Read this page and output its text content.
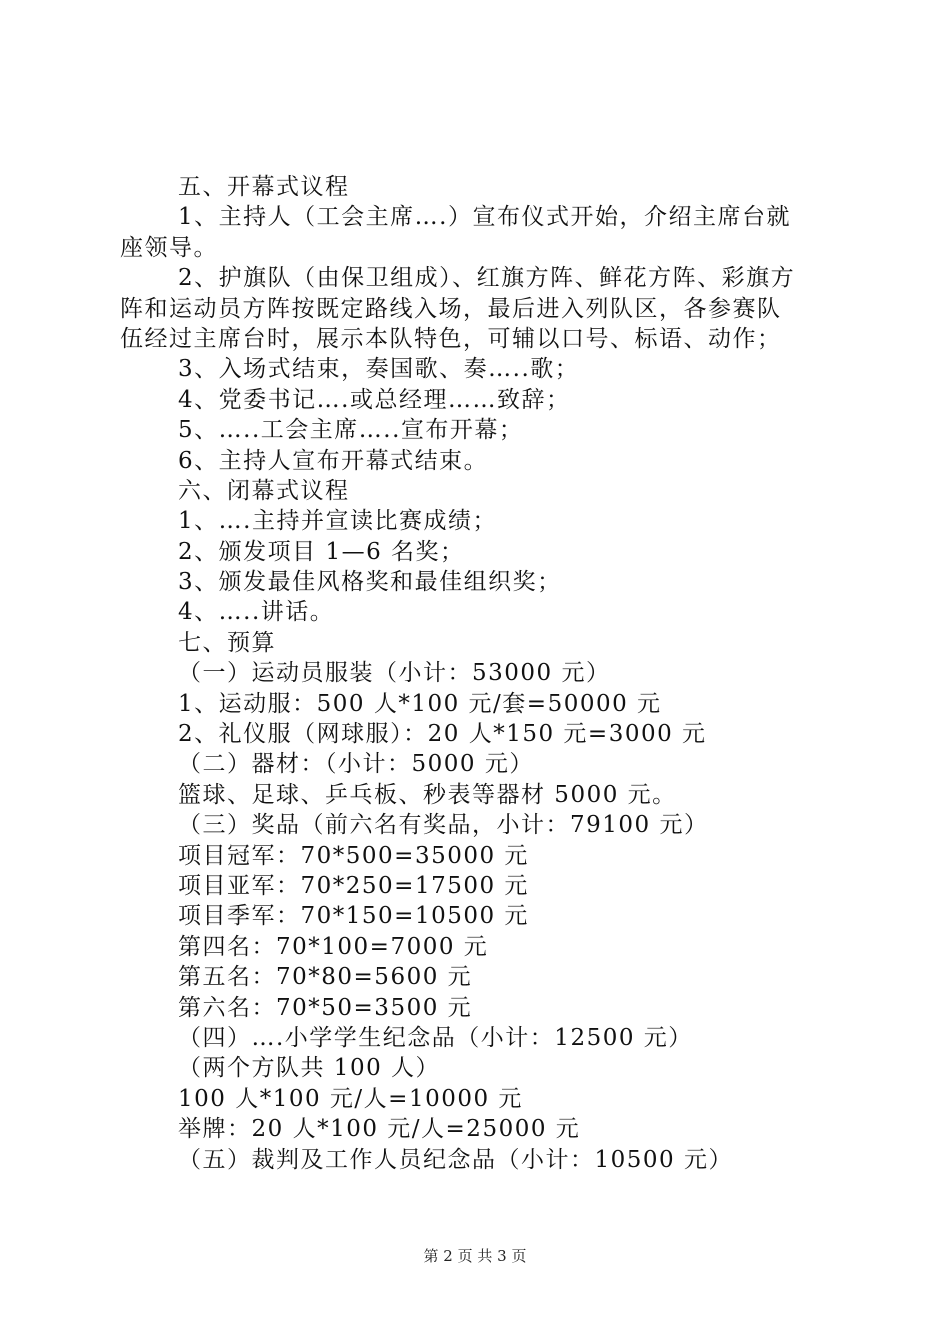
五、开幕式议程
1、主持人（工会主席….）宣布仪式开始，介绍主席台就
座领导。
2、护旗队（由保卫组成）、红旗方阵、鲜花方阵、彩旗方
阵和运动员方阵按既定路线入场，最后进入列队区，各参赛队
伍经过主席台时，展示本队特色，可辅以口号、标语、动作；
3、入场式结束，奏国歌、奏…..歌；
4、党委书记….或总经理……致辞；
5、…..工会主席…..宣布开幕；
6、主持人宣布开幕式结束。
六、闭幕式议程
1、….主持并宣读比赛成绩；
2、颁发项目 1—6 名奖；
3、颁发最佳风格奖和最佳组织奖；
4、…..讲话。
七、预算
（一）运动员服装（小计：53000 元）
1、运动服：500 人*100 元/套=50000 元
2、礼仪服（网球服）：20 人*150 元=3000 元
（二）器材：（小计：5000 元）
篮球、足球、乒乓板、秒表等器材 5000 元。
（三）奖品（前六名有奖品，小计：79100 元）
项目冠军：70*500=35000 元
项目亚军：70*250=17500 元
项目季军：70*150=10500 元
第四名：70*100=7000 元
第五名：70*80=5600 元
第六名：70*50=3500 元
（四）….小学学生纪念品（小计：12500 元）
（两个方队共 100 人）
100 人*100 元/人=10000 元
举牌：20 人*100 元/人=25000 元
（五）裁判及工作人员纪念品（小计：10500 元）
第 2 页 共 3 页
